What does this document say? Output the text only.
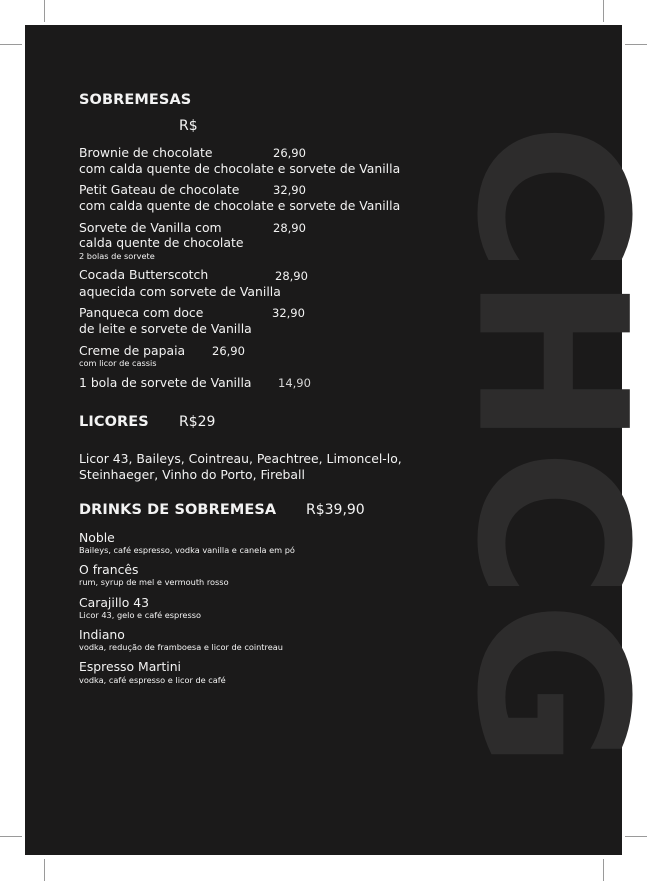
CHCG
SOBREMESAS
R$
Brownie de chocolate	26,90
com calda quente de chocolate e sorvete de Vanilla
Petit Gateau de chocolate	32,90
com calda quente de chocolate e sorvete de Vanilla
Sorvete de Vanilla com	28,90
calda quente de chocolate
2 bolas de sorvete
Cocada Butterscotch	28,90
aquecida com sorvete de Vanilla
Panqueca com doce	32,90
de leite e sorvete de Vanilla
Creme de papaia 26,90
com licor de cassis
1 bola de sorvete de Vanilla 14,90
LICORES R$29
Licor 43, Baileys, Cointreau, Peachtree, Limoncel-lo, Steinhaeger, Vinho do Porto, Fireball
DRINKS DE SOBREMESA R$39,90
Noble
Baileys, café espresso, vodka vanilla e canela em pó
O francês
rum, syrup de mel e vermouth rosso
Carajillo 43
Licor 43, gelo e café espresso
Indiano
vodka, redução de framboesa e licor de cointreau
Espresso Martini
vodka, café espresso e licor de café
